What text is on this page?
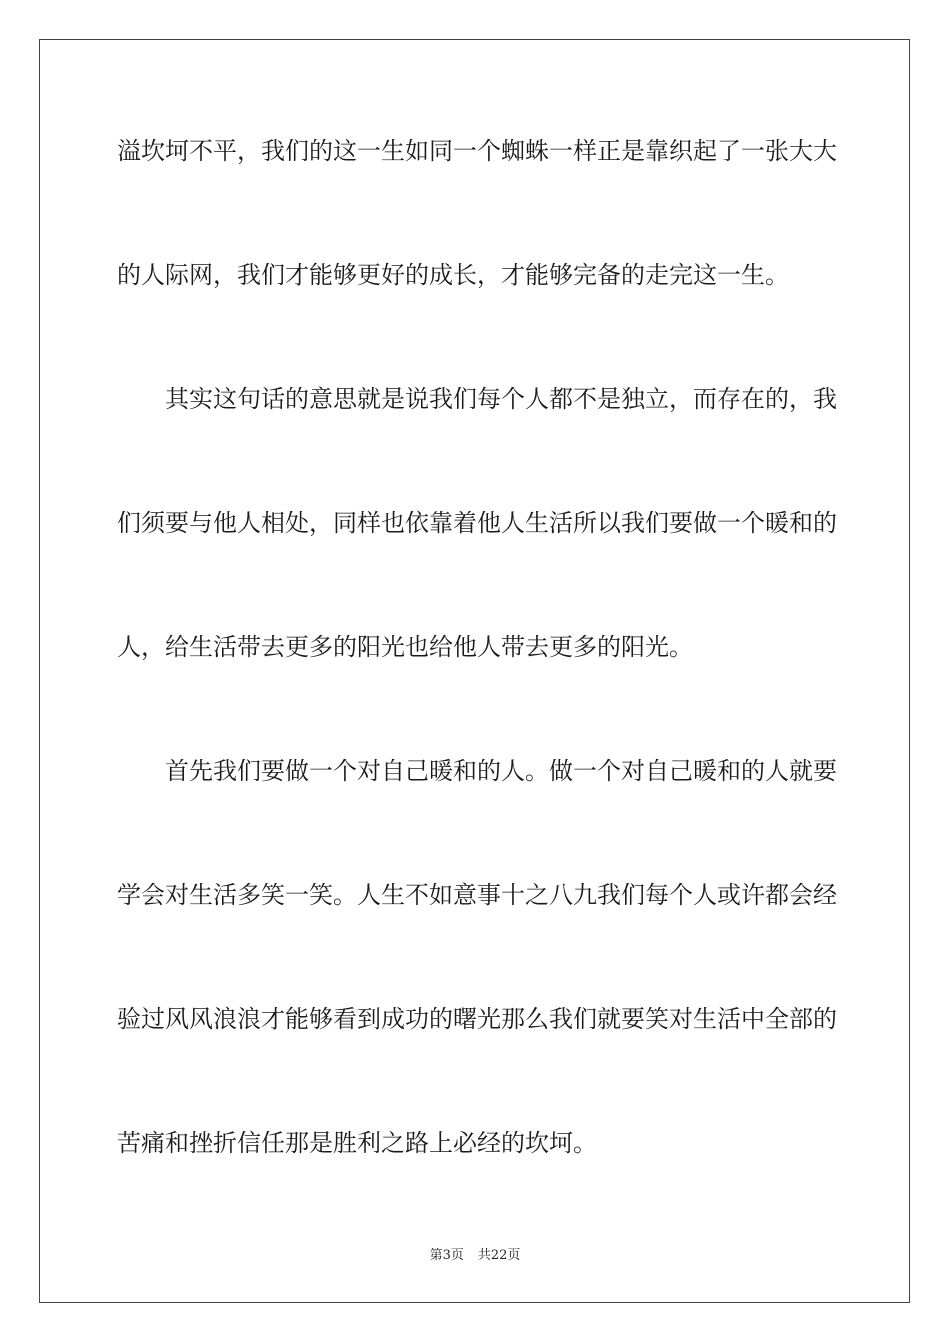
溢坎坷不平，我们的这一生如同一个蜘蛛一样正是靠织起了一张大大
的人际网，我们才能够更好的成长，才能够完备的走完这一生。
其实这句话的意思就是说我们每个人都不是独立，而存在的，我
们须要与他人相处，同样也依靠着他人生活所以我们要做一个暖和的
人，给生活带去更多的阳光也给他人带去更多的阳光。
首先我们要做一个对自己暖和的人。做一个对自己暖和的人就要
学会对生活多笑一笑。人生不如意事十之八九我们每个人或许都会经
验过风风浪浪才能够看到成功的曙光那么我们就要笑对生活中全部的
苦痛和挫折信任那是胜利之路上必经的坎坷。
第3页 共22页
